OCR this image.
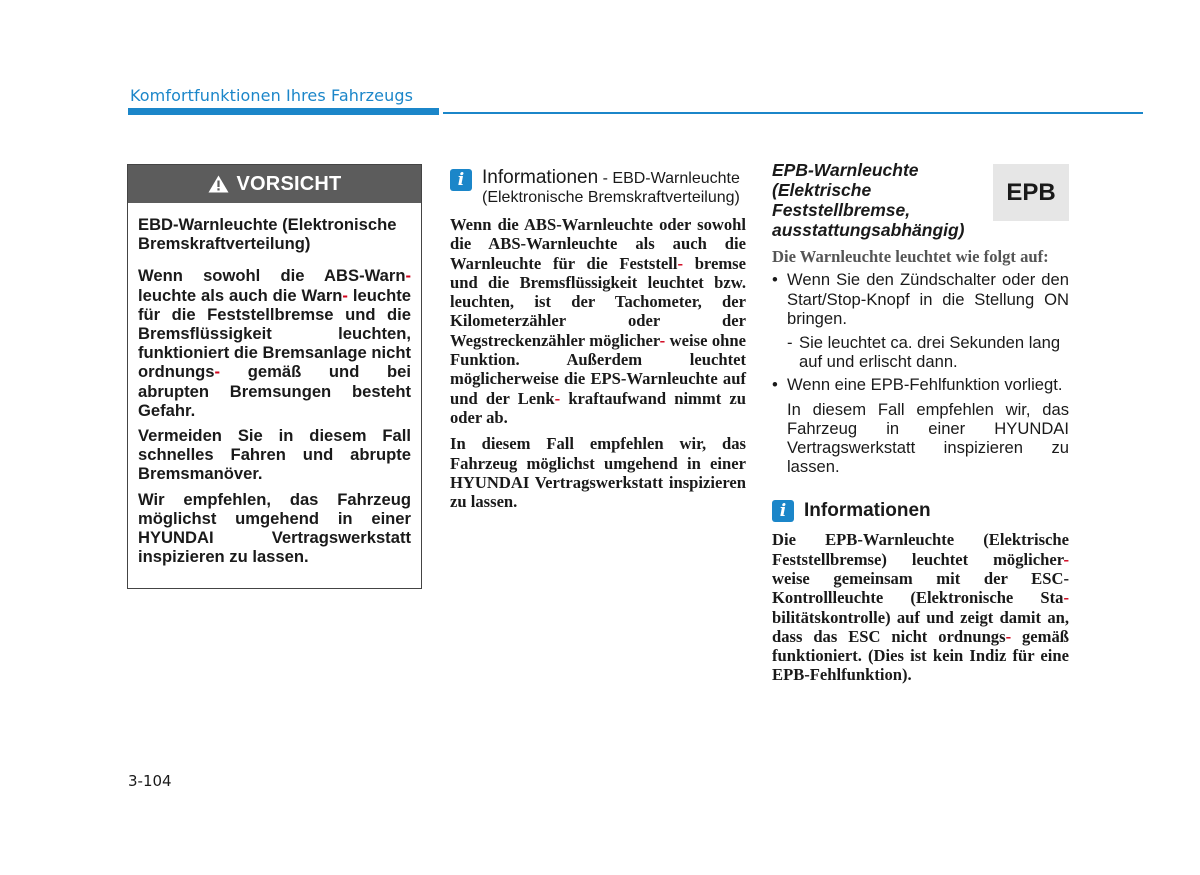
Komfortfunktionen Ihres Fahrzeugs
VORSICHT

EBD-Warnleuchte (Elektronische Bremskraftverteilung)

Wenn sowohl die ABS-Warn- leuchte als auch die Warn- leuchte für die Feststellbremse und die Bremsflüssigkeit leuchten, funktioniert die Bremsanlage nicht ordnungs- gemäß und bei abrupten Bremsungen besteht Gefahr.

Vermeiden Sie in diesem Fall schnelles Fahren und abrupte Bremsmanöver.

Wir empfehlen, das Fahrzeug möglichst umgehend in einer HYUNDAI Vertragswerkstatt inspizieren zu lassen.

i Informationen - EBD-Warnleuchte (Elektronische Bremskraftverteilung)

Wenn die ABS-Warnleuchte oder sowohl die ABS-Warnleuchte als auch die Warnleuchte für die Feststell- bremse und die Bremsflüssigkeit leuchtet bzw. leuchten, ist der Tachometer, der Kilometerzähler oder der Wegstreckenzähler möglicher- weise ohne Funktion. Außerdem leuchtet möglicherweise die EPS-Warnleuchte auf und der Lenk- kraftaufwand nimmt zu oder ab.

In diesem Fall empfehlen wir, das Fahrzeug möglichst umgehend in einer HYUNDAI Vertragswerkstatt inspizieren zu lassen.

EPB-Warnleuchte (Elektrische Feststellbremse, ausstattungsabhängig)
EPB
Die Warnleuchte leuchtet wie folgt auf:
• Wenn Sie den Zündschalter oder den Start/Stop-Knopf in die Stellung ON bringen.
- Sie leuchtet ca. drei Sekunden lang auf und erlischt dann.
• Wenn eine EPB-Fehlfunktion vorliegt.
In diesem Fall empfehlen wir, das Fahrzeug in einer HYUNDAI Vertragswerkstatt inspizieren zu lassen.
i Informationen

Die EPB-Warnleuchte (Elektrische Feststellbremse) leuchtet möglicher- weise gemeinsam mit der ESC-Kontrollleuchte (Elektronische Sta- bilitätskontrolle) auf und zeigt damit an, dass das ESC nicht ordnungs- gemäß funktioniert. (Dies ist kein Indiz für eine EPB-Fehlfunktion).

3-104
